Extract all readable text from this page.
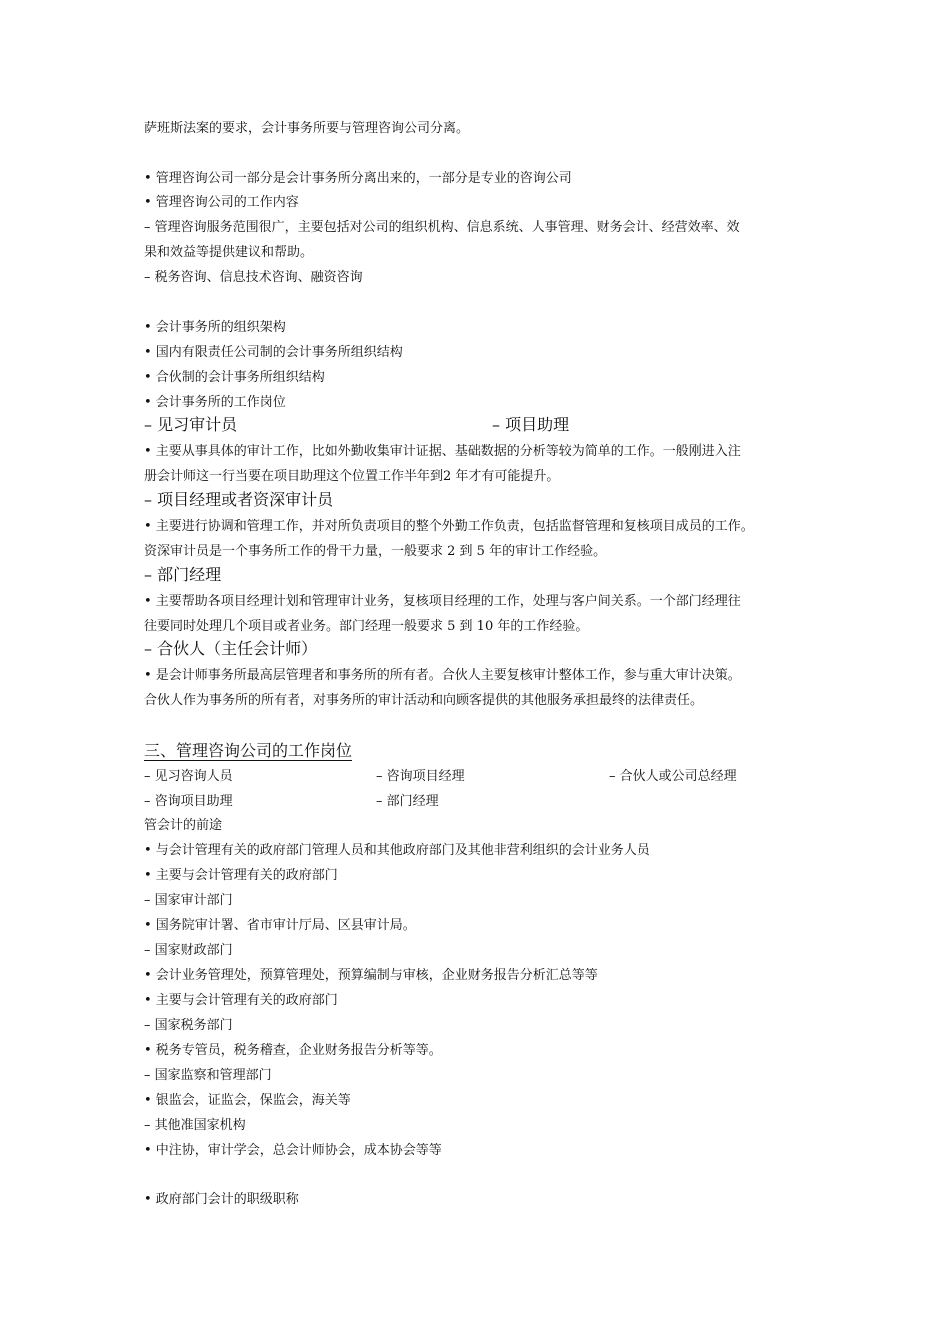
萨班斯法案的要求，会计事务所要与管理咨询公司分离。
• 管理咨询公司一部分是会计事务所分离出来的，一部分是专业的咨询公司
• 管理咨询公司的工作内容
– 管理咨询服务范围很广，主要包括对公司的组织机构、信息系统、人事管理、财务会计、经营效率、效
果和效益等提供建议和帮助。
– 税务咨询、信息技术咨询、融资咨询
• 会计事务所的组织架构
• 国内有限责任公司制的会计事务所组织结构
• 合伙制的会计事务所组织结构
• 会计事务所的工作岗位
– 见习审计员	– 项目助理
• 主要从事具体的审计工作，比如外勤收集审计证据、基础数据的分析等较为简单的工作。一般刚进入注
册会计师这一行当要在项目助理这个位置工作半年到2 年才有可能提升。
– 项目经理或者资深审计员
• 主要进行协调和管理工作，并对所负责项目的整个外勤工作负责，包括监督管理和复核项目成员的工作。
资深审计员是一个事务所工作的骨干力量，一般要求 2 到 5 年的审计工作经验。
– 部门经理
• 主要帮助各项目经理计划和管理审计业务，复核项目经理的工作，处理与客户间关系。一个部门经理往
往要同时处理几个项目或者业务。部门经理一般要求 5 到 10 年的工作经验。
– 合伙人（主任会计师）
• 是会计师事务所最高层管理者和事务所的所有者。合伙人主要复核审计整体工作，参与重大审计决策。
合伙人作为事务所的所有者，对事务所的审计活动和向顾客提供的其他服务承担最终的法律责任。
三、管理咨询公司的工作岗位
– 见习咨询人员	– 咨询项目经理	– 合伙人或公司总经理
– 咨询项目助理	– 部门经理
管会计的前途
• 与会计管理有关的政府部门管理人员和其他政府部门及其他非营利组织的会计业务人员
• 主要与会计管理有关的政府部门
– 国家审计部门
• 国务院审计署、省市审计厅局、区县审计局。
– 国家财政部门
• 会计业务管理处，预算管理处，预算编制与审核，企业财务报告分析汇总等等
• 主要与会计管理有关的政府部门
– 国家税务部门
• 税务专管员，税务稽查，企业财务报告分析等等。
– 国家监察和管理部门
• 银监会，证监会，保监会，海关等
– 其他准国家机构
• 中注协，审计学会，总会计师协会，成本协会等等
• 政府部门会计的职级职称
